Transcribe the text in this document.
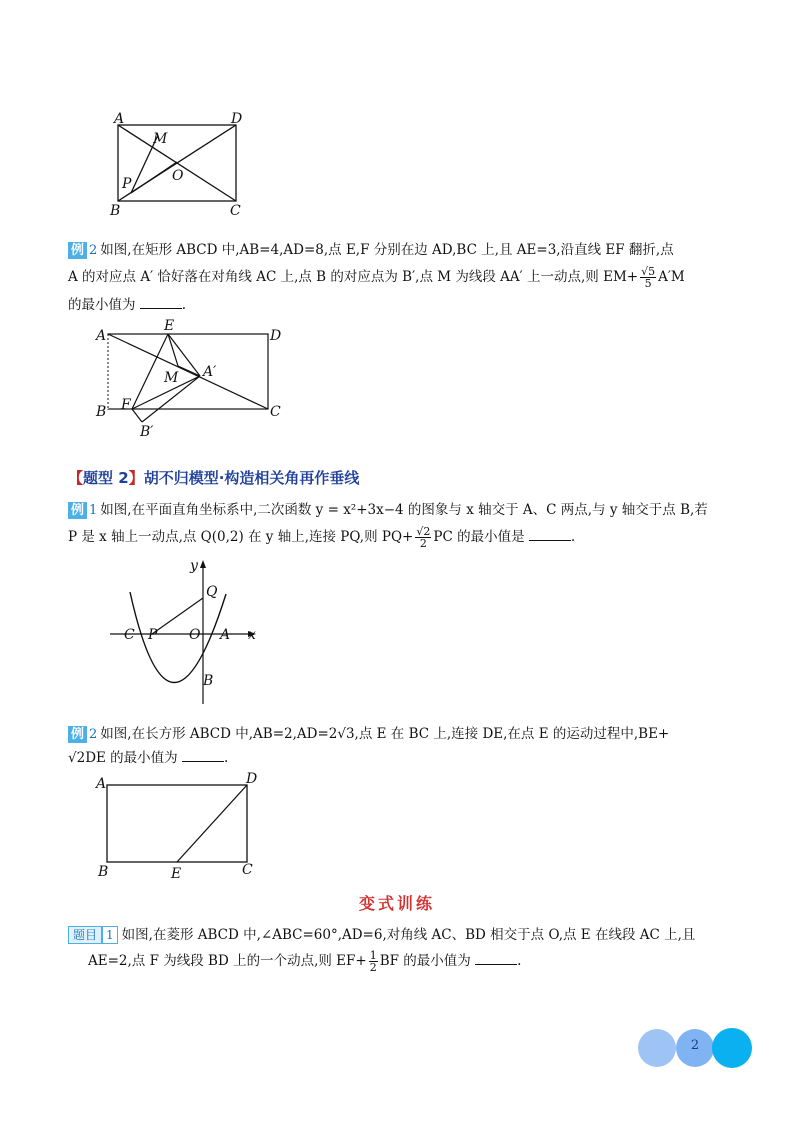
A	D
M
O
P
B	C
例 2 如图,在矩形 ABCD 中,AB=4,AD=8,点 E,F 分别在边 AD,BC 上,且 AE=3,沿直线 EF 翻折,点
A 的对应点 A′ 恰好落在对角线 AC 上,点 B 的对应点为 B′,点 M 为线段 AA′ 上一动点,则 $EM+ \frac{√5}{5} A'M$
的最小值为	.
A
E
D
M A′
B F	C
B′
【题型 2】胡不归模型·构造相关角再作垂线
例 1 如图,在平面直角坐标系中,二次函数 y = x²+3x−4 的图象与 x 轴交于 A、C 两点,与 y 轴交于点 B,若
P 是 x 轴上一动点,点 Q(0,2) 在 y 轴上,连接 PQ,则 $PQ+ \frac{√2}{2}$ PC 的最小值是	.
y
Q
C P O A x
B
例 2 如图,在长方形 ABCD 中,AB=2,AD=2√3,点 E 在 BC 上,连接 DE,在点 E 的运动过程中,BE+
√2DE 的最小值为	.
A	D
B	E	C
变式训练
题目 1 如图,在菱形 ABCD 中,∠ABC=60°,AD=6,对角线 AC、BD 相交于点 O,点 E 在线段 AC 上,且
AE=2,点 F 为线段 BD 上的一个动点,则 $EF+ \frac{1}{2}$ BF 的最小值为	.
2
